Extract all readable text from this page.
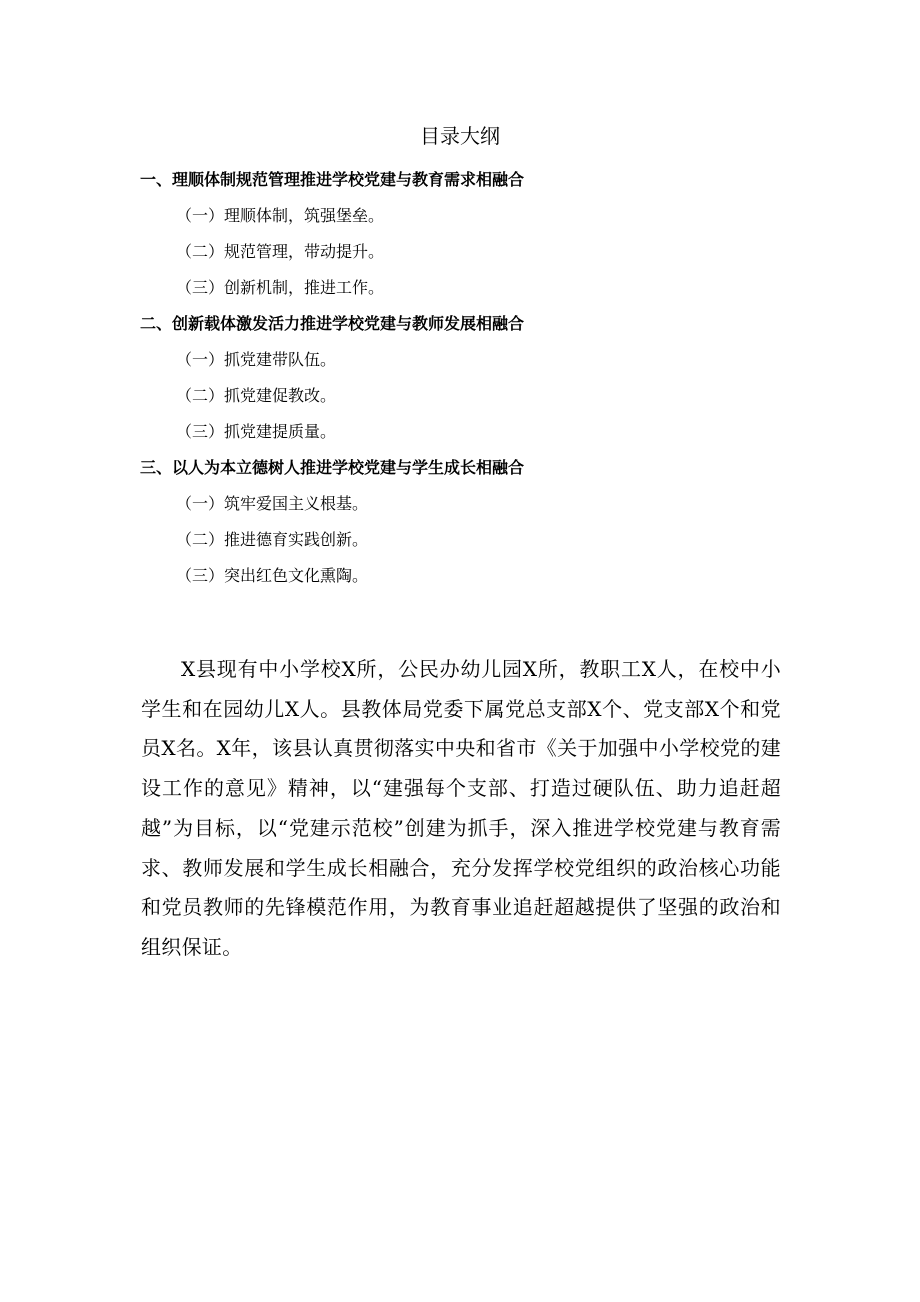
目录大纲
一、理顺体制规范管理推进学校党建与教育需求相融合
（一）理顺体制，筑强堡垒。
（二）规范管理，带动提升。
（三）创新机制，推进工作。
二、创新载体激发活力推进学校党建与教师发展相融合
（一）抓党建带队伍。
（二）抓党建促教改。
（三）抓党建提质量。
三、以人为本立德树人推进学校党建与学生成长相融合
（一）筑牢爱国主义根基。
（二）推进德育实践创新。
（三）突出红色文化熏陶。

X县现有中小学校X所，公民办幼儿园X所，教职工X人，在校中小学生和在园幼儿X人。县教体局党委下属党总支部X个、党支部X个和党员X名。X年，该县认真贯彻落实中央和省市《关于加强中小学校党的建设工作的意见》精神，以“建强每个支部、打造过硬队伍、助力追赶超越”为目标，以“党建示范校”创建为抓手，深入推进学校党建与教育需求、教师发展和学生成长相融合，充分发挥学校党组织的政治核心功能和党员教师的先锋模范作用，为教育事业追赶超越提供了坚强的政治和组织保证。
